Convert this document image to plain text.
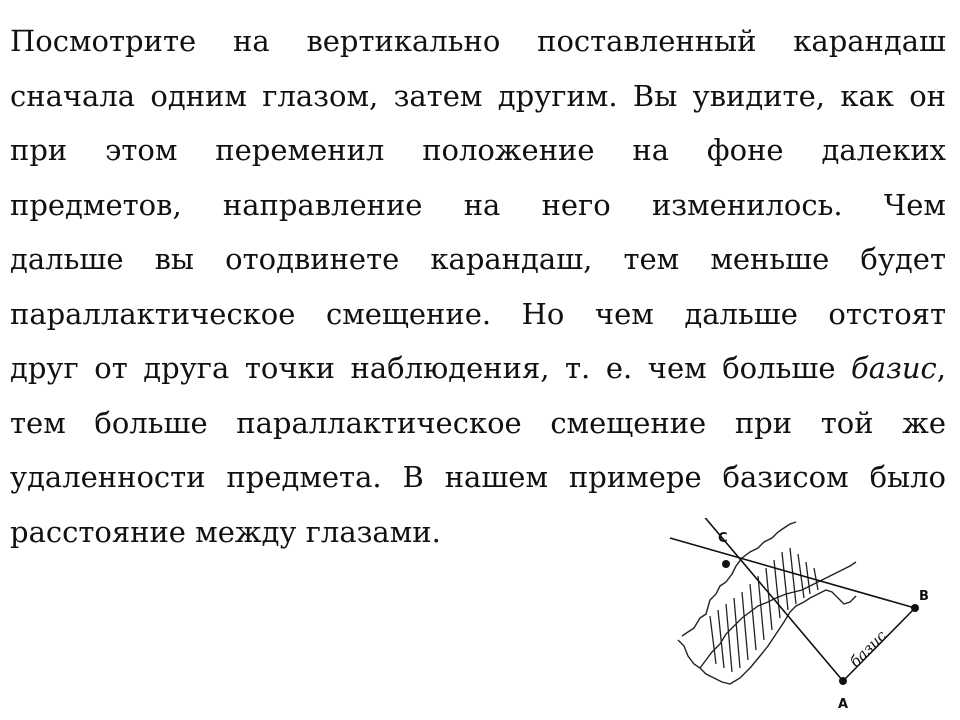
Посмотрите на вертикально поставленный карандаш
сначала одним глазом, затем другим. Вы увидите, как он
при этом переменил положение на фоне далеких
предметов, направление на него изменилось. Чем
дальше вы отодвинете карандаш, тем меньше будет
параллактическое смещение. Но чем дальше отстоят
друг от друга точки наблюдения, т. е. чем больше базис,
тем больше параллактическое смещение при той же
удаленности предмета. В нашем примере базисом было
расстояние между глазами.	C
B
A
базис
